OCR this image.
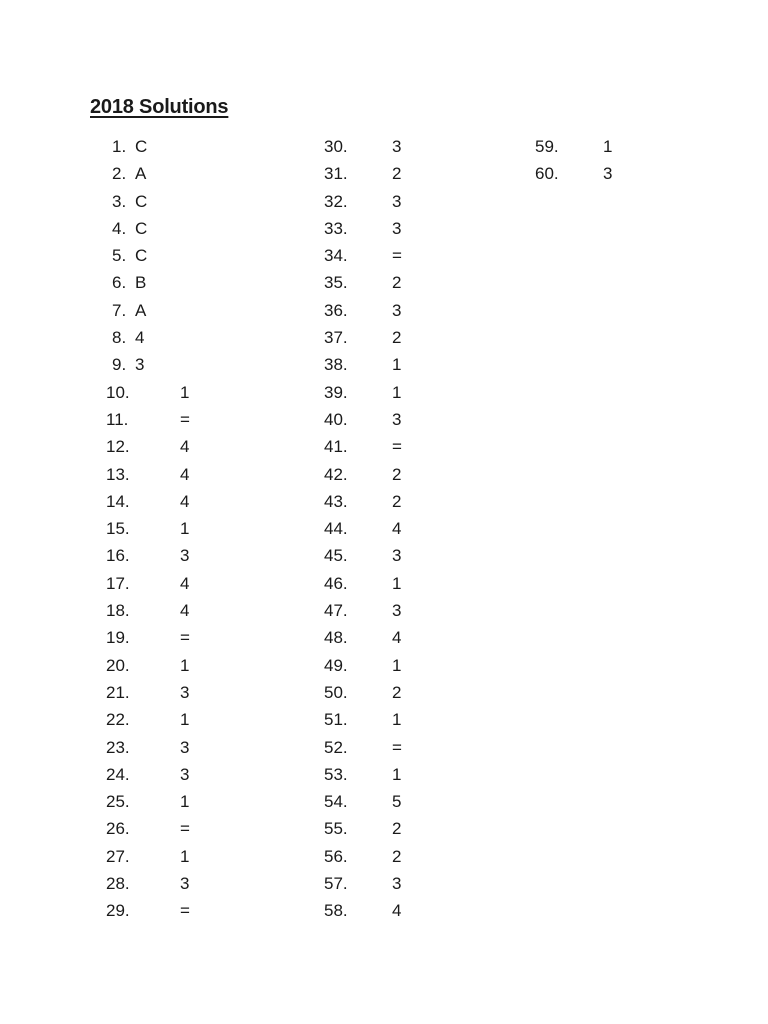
2018 Solutions
1. C
2. A
3. C
4. C
5. C
6. B
7. A
8. 4
9. 3
10.	1
11.	=
12.	4
13.	4
14.	4
15.	1
16.	3
17.	4
18.	4
19.	=
20.	1
21.	3
22.	1
23.	3
24.	3
25.	1
26.	=
27.	1
28.	3
29.	=
30.	3
31.	2
32.	3
33.	3
34.	=
35.	2
36.	3
37.	2
38.	1
39.	1
40.	3
41.	=
42.	2
43.	2
44.	4
45.	3
46.	1
47.	3
48.	4
49.	1
50.	2
51.	1
52.	=
53.	1
54.	5
55.	2
56.	2
57.	3
58.	4
59.	1
60.	3
